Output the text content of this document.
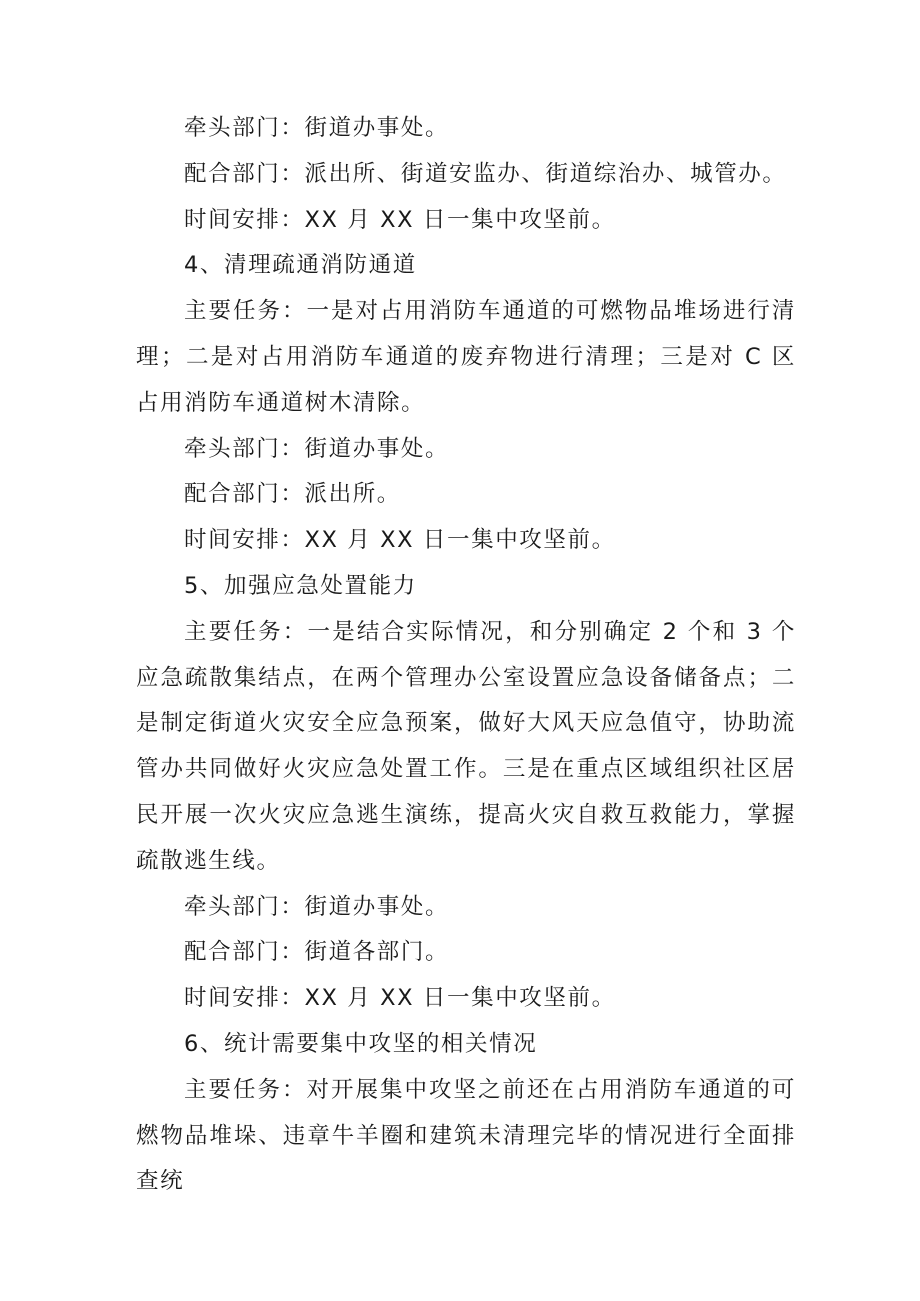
牵头部门：街道办事处。

配合部门：派出所、街道安监办、街道综治办、城管办。

时间安排：XX 月 XX 日一集中攻坚前。

4、清理疏通消防通道

主要任务：一是对占用消防车通道的可燃物品堆场进行清理；二是对占用消防车通道的废弃物进行清理；三是对 C 区占用消防车通道树木清除。

牵头部门：街道办事处。

配合部门：派出所。

时间安排：XX 月 XX 日一集中攻坚前。

5、加强应急处置能力

主要任务：一是结合实际情况，和分别确定 2 个和 3 个应急疏散集结点，在两个管理办公室设置应急设备储备点；二是制定街道火灾安全应急预案，做好大风天应急值守，协助流管办共同做好火灾应急处置工作。三是在重点区域组织社区居民开展一次火灾应急逃生演练，提高火灾自救互救能力，掌握疏散逃生线。

牵头部门：街道办事处。

配合部门：街道各部门。

时间安排：XX 月 XX 日一集中攻坚前。

6、统计需要集中攻坚的相关情况

主要任务：对开展集中攻坚之前还在占用消防车通道的可燃物品堆垛、违章牛羊圈和建筑未清理完毕的情况进行全面排查统
